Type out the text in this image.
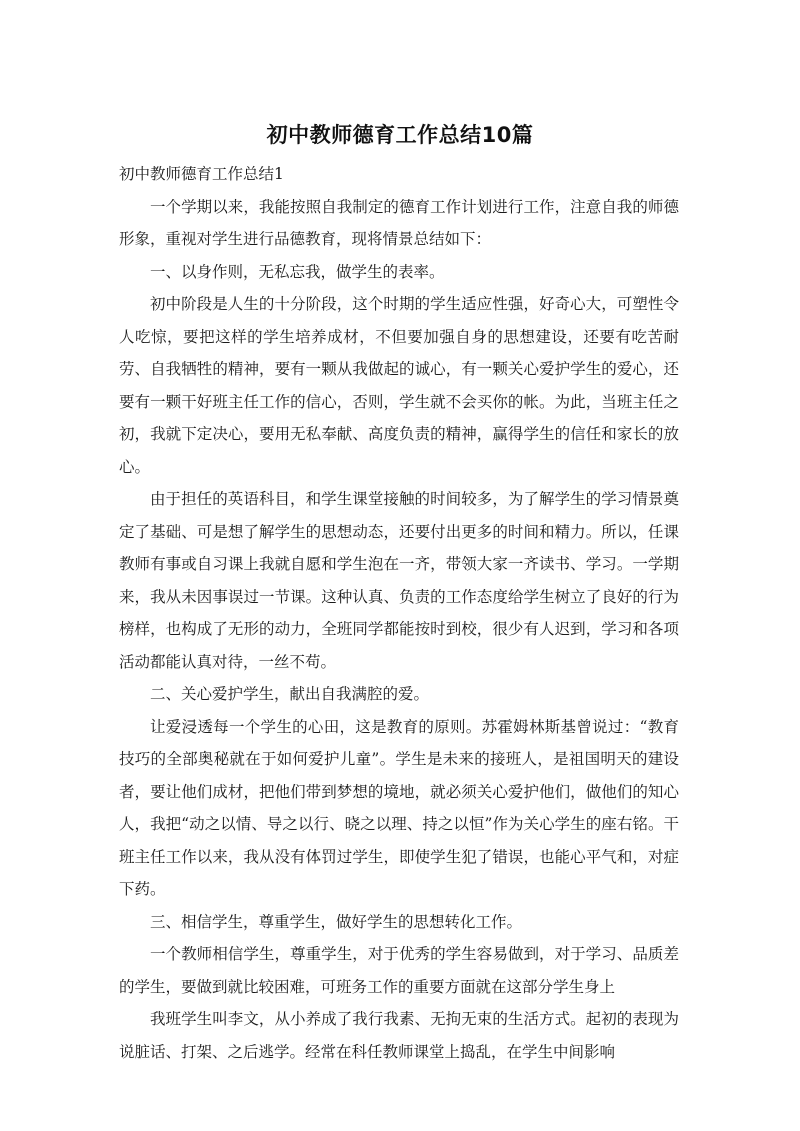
初中教师德育工作总结10篇

初中教师德育工作总结1

一个学期以来，我能按照自我制定的德育工作计划进行工作，注意自我的师德形象，重视对学生进行品德教育，现将情景总结如下：

一、以身作则，无私忘我，做学生的表率。

初中阶段是人生的十分阶段，这个时期的学生适应性强，好奇心大，可塑性令人吃惊，要把这样的学生培养成材，不但要加强自身的思想建设，还要有吃苦耐劳、自我牺牲的精神，要有一颗从我做起的诚心，有一颗关心爱护学生的爱心，还要有一颗干好班主任工作的信心，否则，学生就不会买你的帐。为此，当班主任之初，我就下定决心，要用无私奉献、高度负责的精神，赢得学生的信任和家长的放心。

由于担任的英语科目，和学生课堂接触的时间较多，为了解学生的学习情景奠定了基础、可是想了解学生的思想动态，还要付出更多的时间和精力。所以，任课教师有事或自习课上我就自愿和学生泡在一齐，带领大家一齐读书、学习。一学期来，我从未因事误过一节课。这种认真、负责的工作态度给学生树立了良好的行为榜样，也构成了无形的动力，全班同学都能按时到校，很少有人迟到，学习和各项活动都能认真对待，一丝不苟。

二、关心爱护学生，献出自我满腔的爱。

让爱浸透每一个学生的心田，这是教育的原则。苏霍姆林斯基曾说过：“教育技巧的全部奥秘就在于如何爱护儿童”。学生是未来的接班人，是祖国明天的建设者，要让他们成材，把他们带到梦想的境地，就必须关心爱护他们，做他们的知心人，我把“动之以情、导之以行、晓之以理、持之以恒”作为关心学生的座右铭。干班主任工作以来，我从没有体罚过学生，即使学生犯了错误，也能心平气和，对症下药。

三、相信学生，尊重学生，做好学生的思想转化工作。

一个教师相信学生，尊重学生，对于优秀的学生容易做到，对于学习、品质差的学生，要做到就比较困难，可班务工作的重要方面就在这部分学生身上

我班学生叫李文，从小养成了我行我素、无拘无束的生活方式。起初的表现为说脏话、打架、之后逃学。经常在科任教师课堂上捣乱，在学生中间影响
